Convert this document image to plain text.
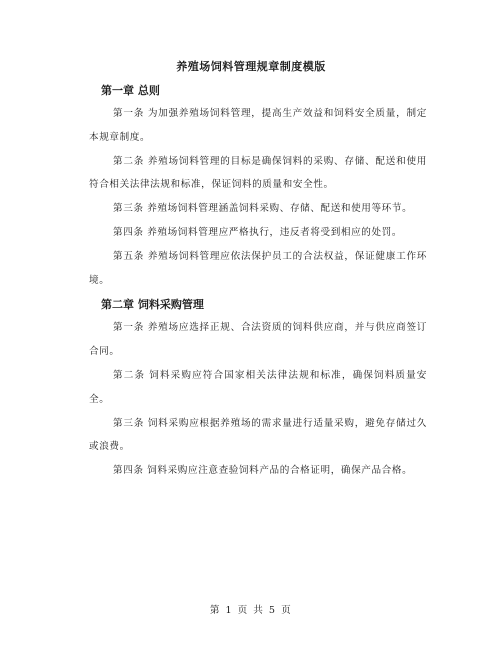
养殖场饲料管理规章制度模版
第一章 总则

第一条 为加强养殖场饲料管理，提高生产效益和饲料安全质量，制定本规章制度。

第二条 养殖场饲料管理的目标是确保饲料的采购、存储、配送和使用符合相关法律法规和标准，保证饲料的质量和安全性。

第三条 养殖场饲料管理涵盖饲料采购、存储、配送和使用等环节。

第四条 养殖场饲料管理应严格执行，违反者将受到相应的处罚。

第五条 养殖场饲料管理应依法保护员工的合法权益，保证健康工作环境。

第二章 饲料采购管理

第一条 养殖场应选择正规、合法资质的饲料供应商，并与供应商签订合同。

第二条 饲料采购应符合国家相关法律法规和标准，确保饲料质量安全。

第三条 饲料采购应根据养殖场的需求量进行适量采购，避免存储过久或浪费。

第四条 饲料采购应注意查验饲料产品的合格证明，确保产品合格。

第 1 页 共 5 页
